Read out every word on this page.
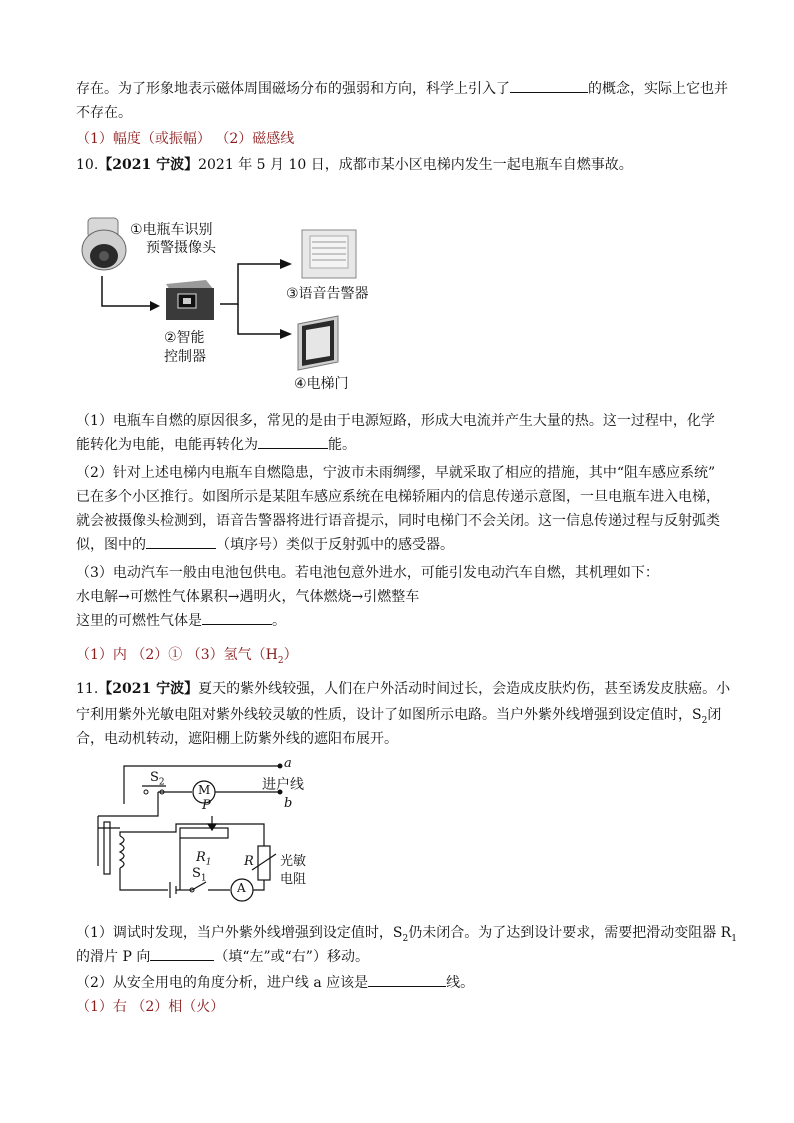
存在。为了形象地表示磁体周围磁场分布的强弱和方向，科学上引入了	的概念，实际上它也并
不存在。
（1）幅度（或振幅） （2）磁感线
10.【2021 宁波】2021 年 5 月 10 日，成都市某小区电梯内发生一起电瓶车自燃事故。
①电瓶车识别
预警摄像头
②智能
控制器
③语音告警器
④电梯门
（1）电瓶车自燃的原因很多，常见的是由于电源短路，形成大电流并产生大量的热。这一过程中，化学
能转化为电能，电能再转化为	能。
（2）针对上述电梯内电瓶车自燃隐患，宁波市未雨绸缪，早就采取了相应的措施，其中“阻车感应系统”
已在多个小区推行。如图所示是某阻车感应系统在电梯轿厢内的信息传递示意图，一旦电瓶车进入电梯，
就会被摄像头检测到，语音告警器将进行语音提示，同时电梯门不会关闭。这一信息传递过程与反射弧类
似，图中的	（填序号）类似于反射弧中的感受器。
（3）电动汽车一般由电池包供电。若电池包意外进水，可能引发电动汽车自燃，其机理如下：
水电解→可燃性气体累积→遇明火，气体燃烧→引燃整车
这里的可燃性气体是	。
（1）内 （2）① （3）氢气$(H_2)$
11.【2021 宁波】夏天的紫外线较强，人们在户外活动时间过长，会造成皮肤灼伤，甚至诱发皮肤癌。小
宁利用紫外光敏电阻对紫外线较灵敏的性质，设计了如图所示电路。当户外紫外线增强到设定值时，$S_2$闭
合，电动机转动，遮阳棚上防紫外线的遮阳布展开。
a
b
进户线
$S_2$
M
P
$R_1$ R 光敏
电阻
$S_1$
A
（1）调试时发现，当户外紫外线增强到设定值时，$S_2$仍未闭合。为了达到设计要求，需要把滑动变阻器 $R_1$
的滑片 P 向	（填“左”或“右”）移动。
（2）从安全用电的角度分析，进户线 a 应该是	线。
（1）右 （2）相（火）
